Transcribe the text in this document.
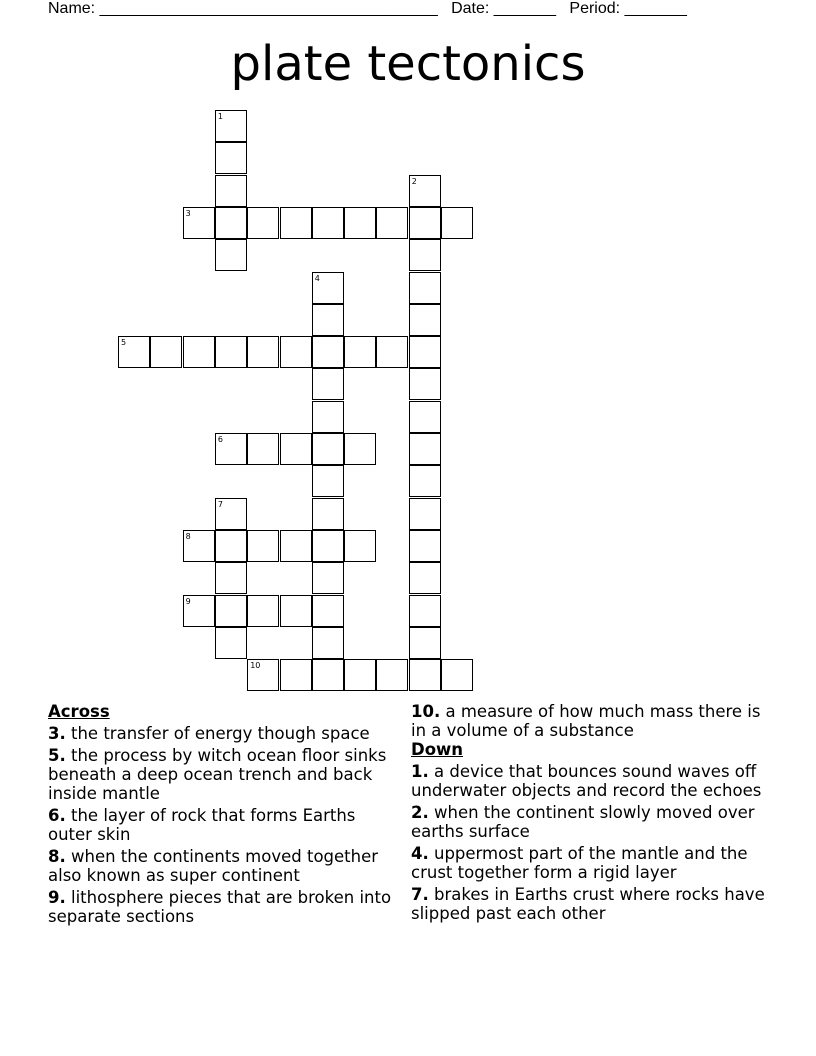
Name: ______________________________________ Date: _______ Period: _______
plate tectonics
1
2
3
4
5
6
7
8
9
10
Across
3. the transfer of energy though space
5. the process by witch ocean floor sinks beneath a deep ocean trench and back inside mantle
6. the layer of rock that forms Earths outer skin
8. when the continents moved together also known as super continent
9. lithosphere pieces that are broken into separate sections
10. a measure of how much mass there is in a volume of a substance
Down
1. a device that bounces sound waves off underwater objects and record the echoes
2. when the continent slowly moved over earths surface
4. uppermost part of the mantle and the crust together form a rigid layer
7. brakes in Earths crust where rocks have slipped past each other
